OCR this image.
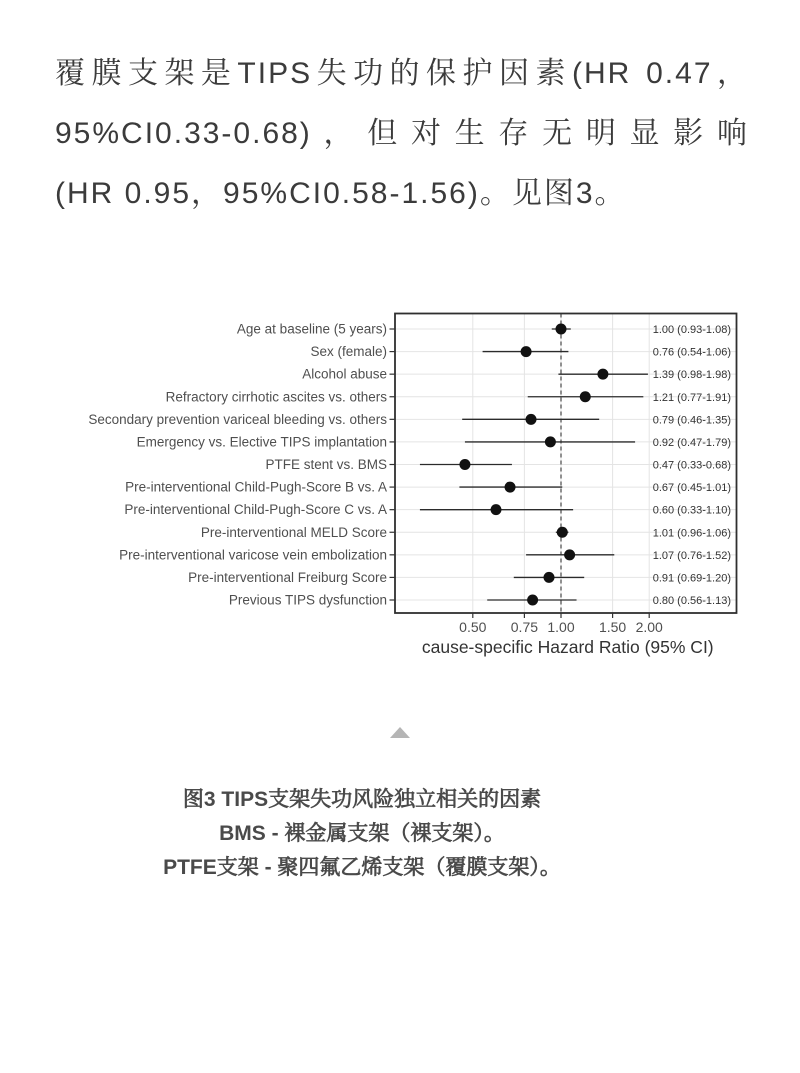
覆膜支架是TIPS失功的保护因素(HR 0.47，
95%CI0.33-0.68)，但对生存无明显影响
(HR 0.95，95%CI0.58-1.56)。见图3。
Age at baseline (5 years)	1.00 (0.93-1.08)
Sex (female)	0.76 (0.54-1.06)
Alcohol abuse	1.39 (0.98-1.98)
Refractory cirrhotic ascites vs. others	1.21 (0.77-1.91)
Secondary prevention variceal bleeding vs. others	0.79 (0.46-1.35)
Emergency vs. Elective TIPS implantation	0.92 (0.47-1.79)
PTFE stent vs. BMS	0.47 (0.33-0.68)
Pre-interventional Child-Pugh-Score B vs. A	0.67 (0.45-1.01)
Pre-interventional Child-Pugh-Score C vs. A	0.60 (0.33-1.10)
Pre-interventional MELD Score	1.01 (0.96-1.06)
Pre-interventional varicose vein embolization	1.07 (0.76-1.52)
Pre-interventional Freiburg Score	0.91 (0.69-1.20)
Previous TIPS dysfunction	0.80 (0.56-1.13)
0.50 0.75 1.00 1.50 2.00
cause-specific Hazard Ratio (95% CI)
图3 TIPS支架失功风险独立相关的因素
BMS - 裸金属支架（裸支架）。
PTFE支架 - 聚四氟乙烯支架（覆膜支架）。
